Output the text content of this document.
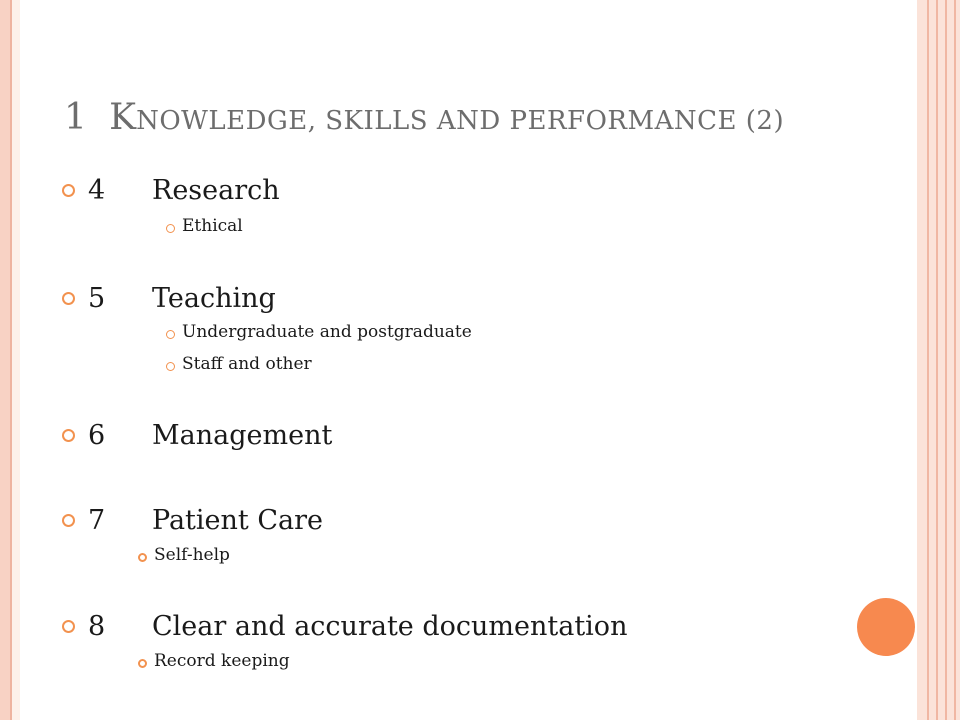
1 KNOWLEDGE, SKILLS AND PERFORMANCE (2)
4 Research
Ethical
5 Teaching
Undergraduate and postgraduate
Staff and other
6 Management
7 Patient Care
Self-help
8 Clear and accurate documentation
Record keeping
